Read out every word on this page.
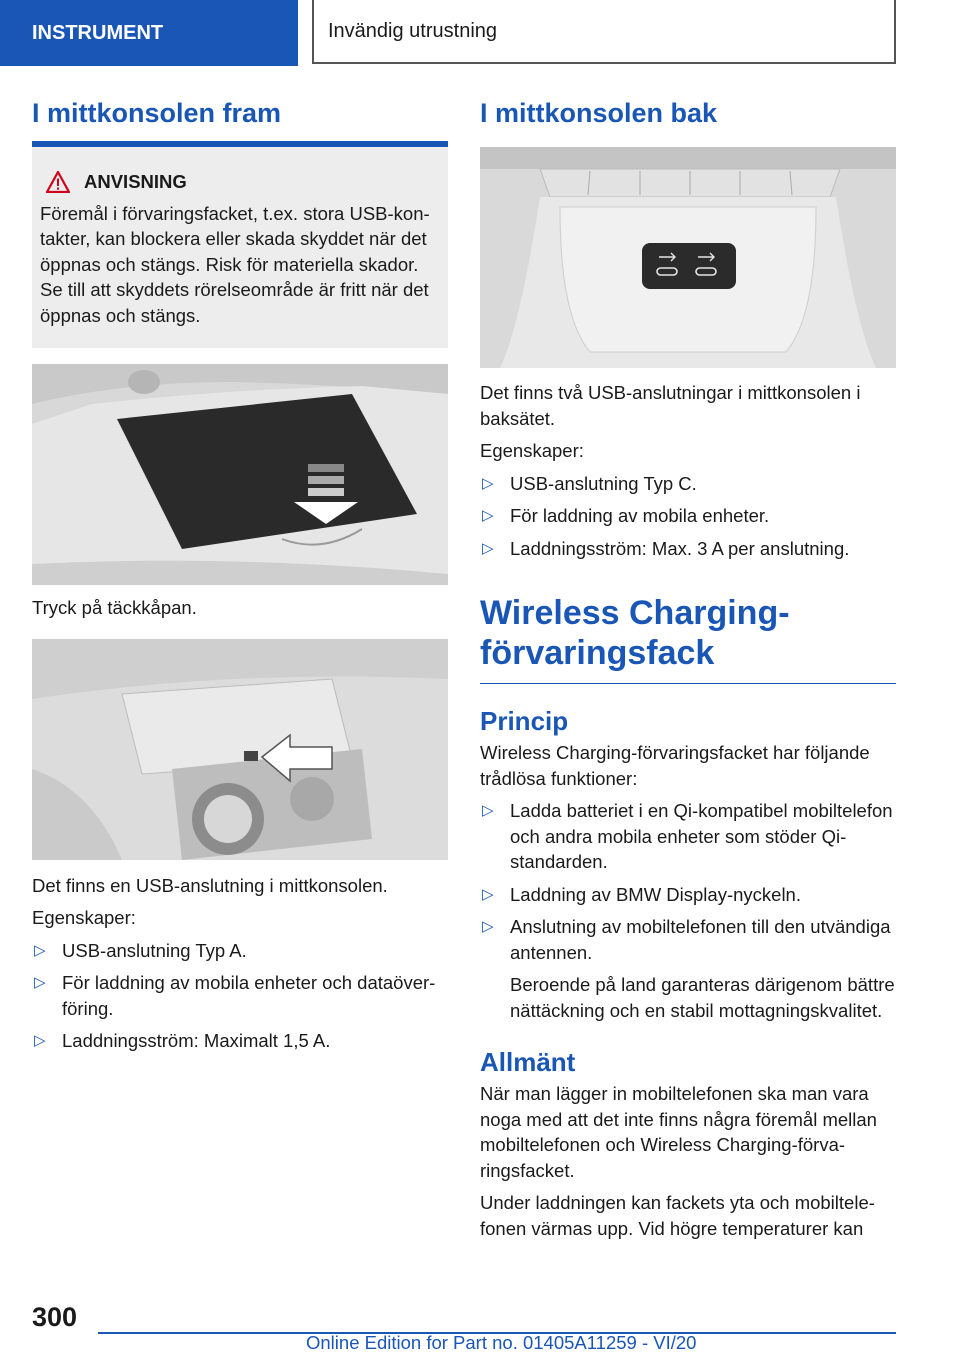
INSTRUMENT	Invändig utrustning
I mittkonsolen fram
ANVISNING
Föremål i förvaringsfacket, t.ex. stora USB-kontakter, kan blockera eller skada skyddet när det öppnas och stängs. Risk för materiella skador. Se till att skyddets rörelseområde är fritt när det öppnas och stängs.

Tryck på täckkåpan.

Det finns en USB-anslutning i mittkonsolen.

Egenskaper:

▷ USB-anslutning Typ A.
▷ För laddning av mobila enheter och dataöverföring.
▷ Laddningsström: Maximalt 1,5 A.
I mittkonsolen bak

Det finns två USB-anslutningar i mittkonsolen i baksätet.

Egenskaper:

▷ USB-anslutning Typ C.
▷ För laddning av mobila enheter.
▷ Laddningsström: Max. 3 A per anslutning.
Wireless Charging-förvaringsfack
Princip

Wireless Charging-förvaringsfacket har följande trådlösa funktioner:

▷ Ladda batteriet i en Qi-kompatibel mobiltelefon och andra mobila enheter som stöder Qi-standarden.
▷ Laddning av BMW Display-nyckeln.
▷ Anslutning av mobiltelefonen till den utvändiga antennen.

Beroende på land garanteras därigenom bättre nättäckning och en stabil mottagningskvalitet.

Allmänt

När man lägger in mobiltelefonen ska man vara noga med att det inte finns några föremål mellan mobiltelefonen och Wireless Charging-förvaringsfacket.

Under laddningen kan fackets yta och mobiltelefonen värmas upp. Vid högre temperaturer kan

300
Online Edition for Part no. 01405A11259 - VI/20
